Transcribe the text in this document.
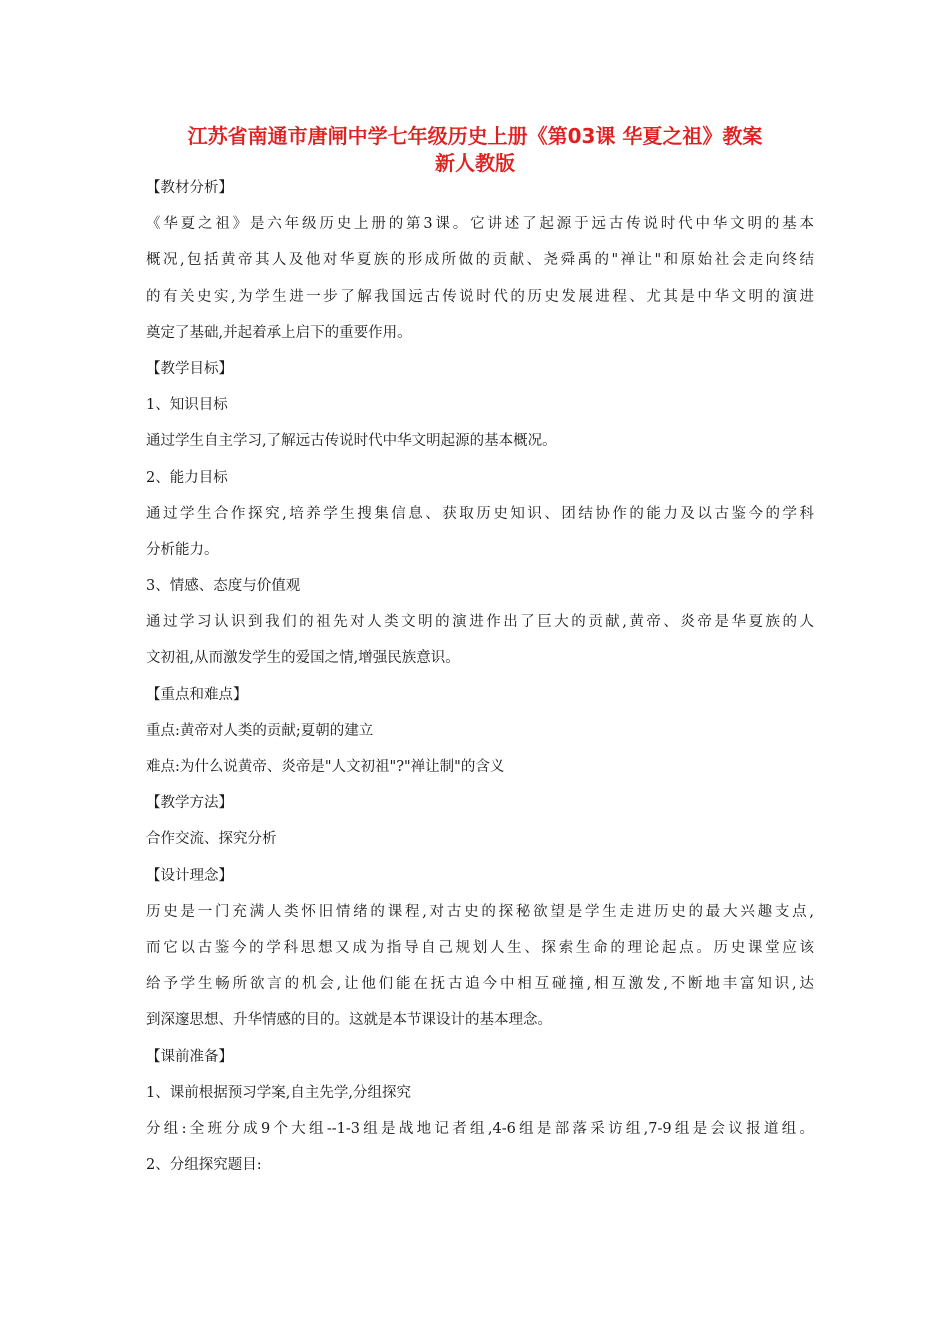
江苏省南通市唐闸中学七年级历史上册《第03课 华夏之祖》教案
新人教版
【教材分析】
《华夏之祖》是六年级历史上册的第3课。它讲述了起源于远古传说时代中华文明的基本
概况,包括黄帝其人及他对华夏族的形成所做的贡献、尧舜禹的"禅让"和原始社会走向终结
的有关史实,为学生进一步了解我国远古传说时代的历史发展进程、尤其是中华文明的演进
奠定了基础,并起着承上启下的重要作用。
【教学目标】
1、知识目标
通过学生自主学习,了解远古传说时代中华文明起源的基本概况。
2、能力目标
通过学生合作探究,培养学生搜集信息、获取历史知识、团结协作的能力及以古鉴今的学科
分析能力。
3、情感、态度与价值观
通过学习认识到我们的祖先对人类文明的演进作出了巨大的贡献,黄帝、炎帝是华夏族的人
文初祖,从而激发学生的爱国之情,增强民族意识。
【重点和难点】
重点:黄帝对人类的贡献;夏朝的建立
难点:为什么说黄帝、炎帝是"人文初祖"?"禅让制"的含义
【教学方法】
合作交流、探究分析
【设计理念】
历史是一门充满人类怀旧情绪的课程,对古史的探秘欲望是学生走进历史的最大兴趣支点,
而它以古鉴今的学科思想又成为指导自己规划人生、探索生命的理论起点。历史课堂应该
给予学生畅所欲言的机会,让他们能在抚古追今中相互碰撞,相互激发,不断地丰富知识,达
到深邃思想、升华情感的目的。这就是本节课设计的基本理念。
【课前准备】
1、课前根据预习学案,自主先学,分组探究
分组:全班分成9个大组--1-3组是战地记者组,4-6组是部落采访组,7-9组是会议报道组。
2、分组探究题目:
